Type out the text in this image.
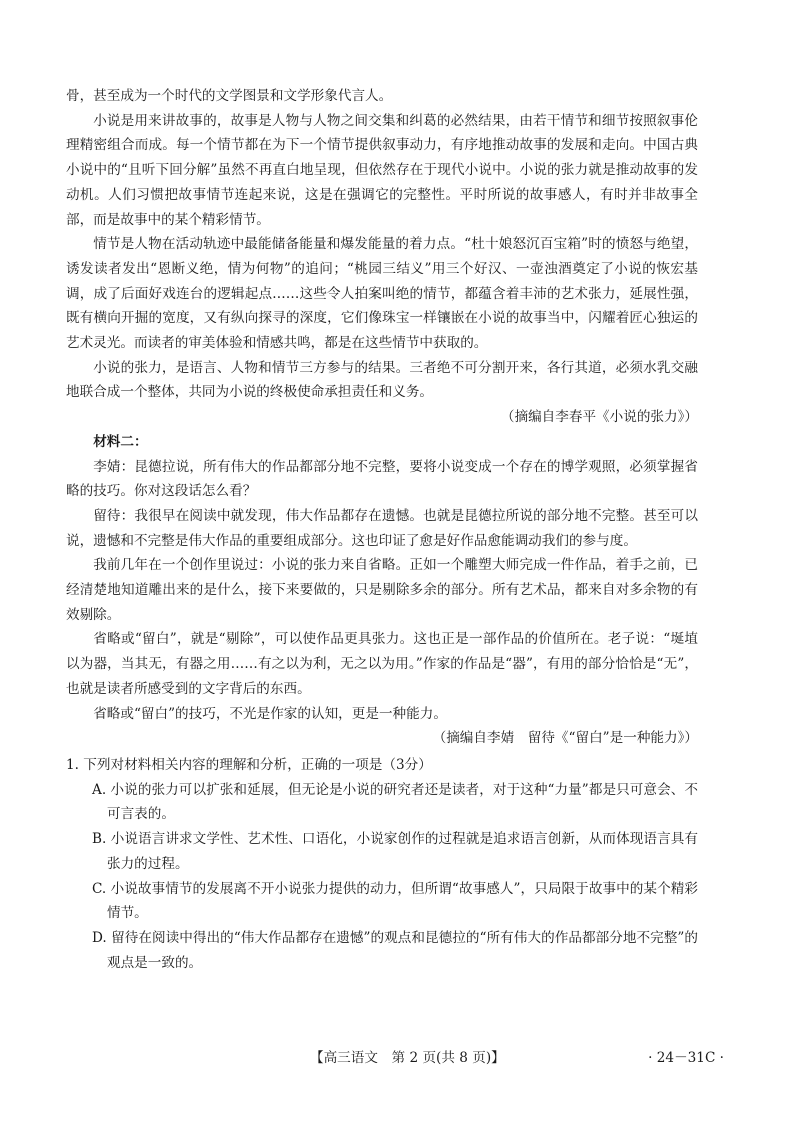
骨，甚至成为一个时代的文学图景和文学形象代言人。

小说是用来讲故事的，故事是人物与人物之间交集和纠葛的必然结果，由若干情节和细节按照叙事伦理精密组合而成。每一个情节都在为下一个情节提供叙事动力，有序地推动故事的发展和走向。中国古典小说中的“且听下回分解”虽然不再直白地呈现，但依然存在于现代小说中。小说的张力就是推动故事的发动机。人们习惯把故事情节连起来说，这是在强调它的完整性。平时所说的故事感人，有时并非故事全部，而是故事中的某个精彩情节。

情节是人物在活动轨迹中最能储备能量和爆发能量的着力点。“杜十娘怒沉百宝箱”时的愤怒与绝望，诱发读者发出“恩断义绝，情为何物”的追问；“桃园三结义”用三个好汉、一壶浊酒奠定了小说的恢宏基调，成了后面好戏连台的逻辑起点……这些令人拍案叫绝的情节，都蕴含着丰沛的艺术张力，延展性强，既有横向开掘的宽度，又有纵向探寻的深度，它们像珠宝一样镶嵌在小说的故事当中，闪耀着匠心独运的艺术灵光。而读者的审美体验和情感共鸣，都是在这些情节中获取的。

小说的张力，是语言、人物和情节三方参与的结果。三者绝不可分割开来，各行其道，必须水乳交融地联合成一个整体，共同为小说的终极使命承担责任和义务。

（摘编自李春平《小说的张力》）

材料二：

李婧：昆德拉说，所有伟大的作品都部分地不完整，要将小说变成一个存在的博学观照，必须掌握省略的技巧。你对这段话怎么看？

留待：我很早在阅读中就发现，伟大作品都存在遗憾。也就是昆德拉所说的部分地不完整。甚至可以说，遗憾和不完整是伟大作品的重要组成部分。这也印证了愈是好作品愈能调动我们的参与度。

我前几年在一个创作里说过：小说的张力来自省略。正如一个雕塑大师完成一件作品，着手之前，已经清楚地知道雕出来的是什么，接下来要做的，只是剔除多余的部分。所有艺术品，都来自对多余物的有效剔除。

省略或“留白”，就是“剔除”，可以使作品更具张力。这也正是一部作品的价值所在。老子说：“埏埴以为器，当其无，有器之用……有之以为利，无之以为用。”作家的作品是“器”，有用的部分恰恰是“无”，也就是读者所感受到的文字背后的东西。

省略或“留白”的技巧，不光是作家的认知，更是一种能力。

（摘编自李婧　留待《“留白”是一种能力》）

1. 下列对材料相关内容的理解和分析，正确的一项是（3分）

A. 小说的张力可以扩张和延展，但无论是小说的研究者还是读者，对于这种“力量”都是只可意会、不可言表的。

B. 小说语言讲求文学性、艺术性、口语化，小说家创作的过程就是追求语言创新，从而体现语言具有张力的过程。

C. 小说故事情节的发展离不开小说张力提供的动力，但所谓“故事感人”，只局限于故事中的某个精彩情节。

D. 留待在阅读中得出的“伟大作品都存在遗憾”的观点和昆德拉的“所有伟大的作品都部分地不完整”的观点是一致的。

【高三语文　第 2 页(共 8 页)】	· 24－31C ·
